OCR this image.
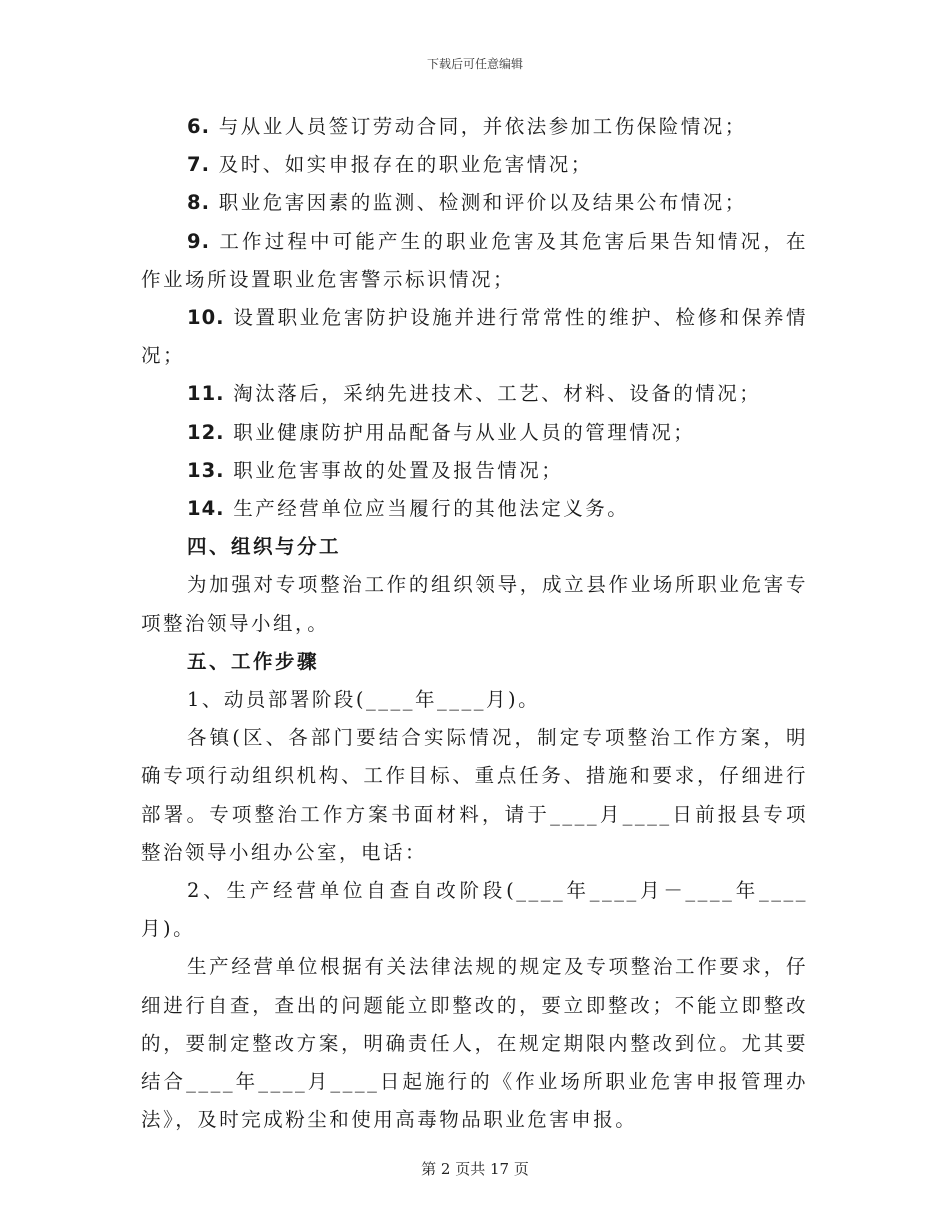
下载后可任意编辑

6. 与从业人员签订劳动合同，并依法参加工伤保险情况；

7. 及时、如实申报存在的职业危害情况；

8. 职业危害因素的监测、检测和评价以及结果公布情况；

9. 工作过程中可能产生的职业危害及其危害后果告知情况，在作业场所设置职业危害警示标识情况；

10. 设置职业危害防护设施并进行常常性的维护、检修和保养情况；

11. 淘汰落后，采纳先进技术、工艺、材料、设备的情况；

12. 职业健康防护用品配备与从业人员的管理情况；

13. 职业危害事故的处置及报告情况；

14. 生产经营单位应当履行的其他法定义务。

四、组织与分工

为加强对专项整治工作的组织领导，成立县作业场所职业危害专项整治领导小组，。

五、工作步骤

1、动员部署阶段(____年____月)。

各镇(区、各部门要结合实际情况，制定专项整治工作方案，明确专项行动组织机构、工作目标、重点任务、措施和要求，仔细进行部署。专项整治工作方案书面材料，请于____月____日前报县专项整治领导小组办公室，电话：

2、生产经营单位自查自改阶段(____年____月－____年____月)。

生产经营单位根据有关法律法规的规定及专项整治工作要求，仔细进行自查，查出的问题能立即整改的，要立即整改；不能立即整改的，要制定整改方案，明确责任人，在规定期限内整改到位。尤其要结合____年____月____日起施行的《作业场所职业危害申报管理办法》，及时完成粉尘和使用高毒物品职业危害申报。

第 2 页共 17 页
